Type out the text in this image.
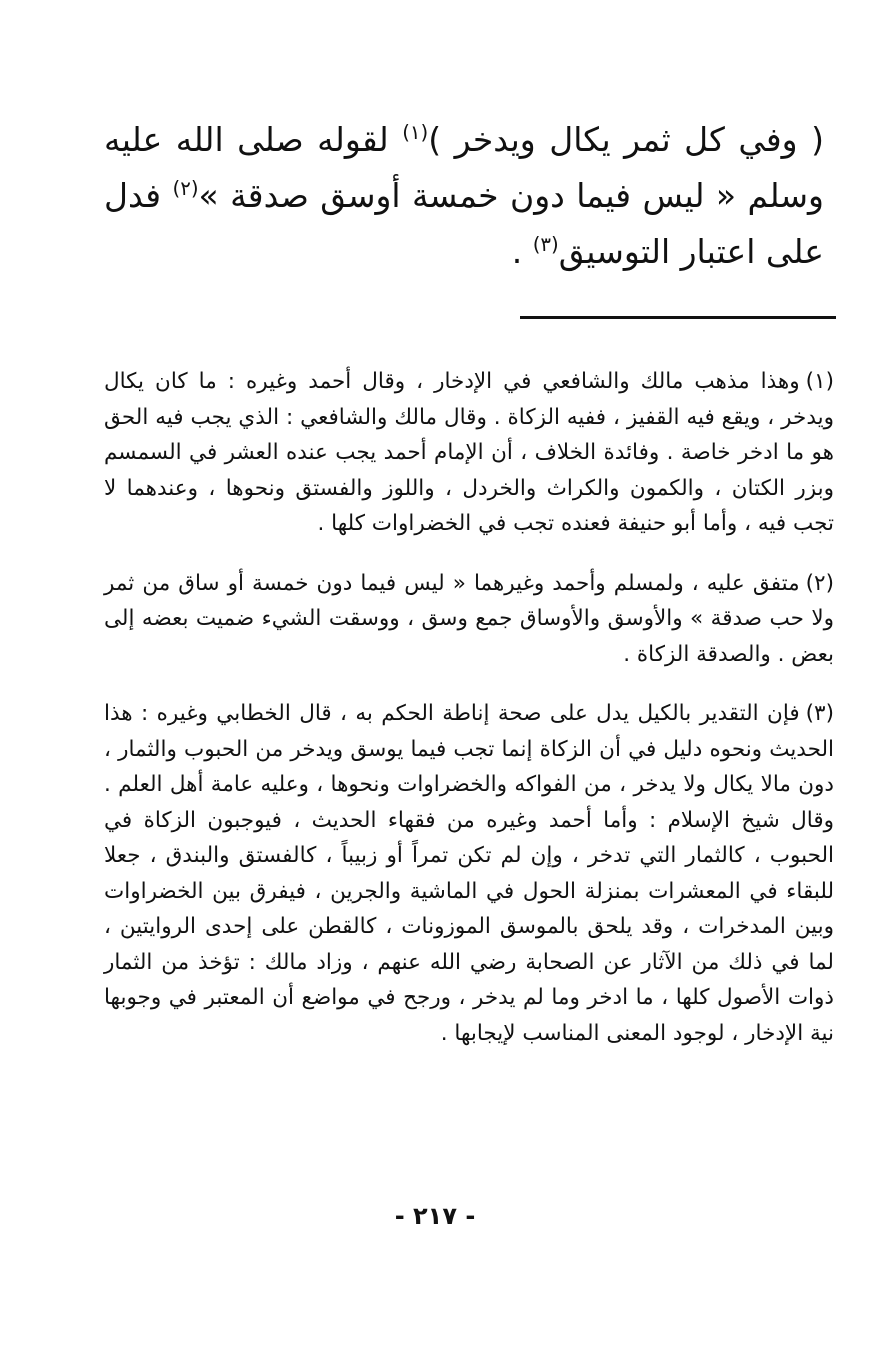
( وفي كل ثمر يكال ويدخر )$^{(١)}$ لقوله صلى الله عليه وسلم « ليس فيما دون خمسة أوسق صدقة »$^{(٢)}$ فدل على اعتبار التوسيق$^{(٣)}$ .

(١)وهذا مذهب مالك والشافعي في الإدخار ، وقال أحمد وغيره : ما كان يكال ويدخر ، ويقع فيه القفيز ، ففيه الزكاة . وقال مالك والشافعي : الذي يجب فيه الحق هو ما ادخر خاصة . وفائدة الخلاف ، أن الإمام أحمد يجب عنده العشر في السمسم وبزر الكتان ، والكمون والكراث والخردل ، واللوز والفستق ونحوها ، وعندهما لا تجب فيه ، وأما أبو حنيفة فعنده تجب في الخضراوات كلها .

(٢)متفق عليه ، ولمسلم وأحمد وغيرهما « ليس فيما دون خمسة أو ساق من ثمر ولا حب صدقة » والأوسق والأوساق جمع وسق ، ووسقت الشيء ضميت بعضه إلى بعض . والصدقة الزكاة .

(٣)فإن التقدير بالكيل يدل على صحة إناطة الحكم به ، قال الخطابي وغيره : هذا الحديث ونحوه دليل في أن الزكاة إنما تجب فيما يوسق ويدخر من الحبوب والثمار ، دون مالا يكال ولا يدخر ، من الفواكه والخضراوات ونحوها ، وعليه عامة أهل العلم . وقال شيخ الإسلام : وأما أحمد وغيره من فقهاء الحديث ، فيوجبون الزكاة في الحبوب ، كالثمار التي تدخر ، وإن لم تكن تمراً أو زبيباً ، كالفستق والبندق ، جعلا للبقاء في المعشرات بمنزلة الحول في الماشية والجرين ، فيفرق بين الخضراوات وبين المدخرات ، وقد يلحق بالموسق الموزونات ، كالقطن على إحدى الروايتين ، لما في ذلك من الآثار عن الصحابة رضي الله عنهم ، وزاد مالك : تؤخذ من الثمار ذوات الأصول كلها ، ما ادخر وما لم يدخر ، ورجح في مواضع أن المعتبر في وجوبها نية الإدخار ، لوجود المعنى المناسب لإيجابها .

- ٢١٧ -
